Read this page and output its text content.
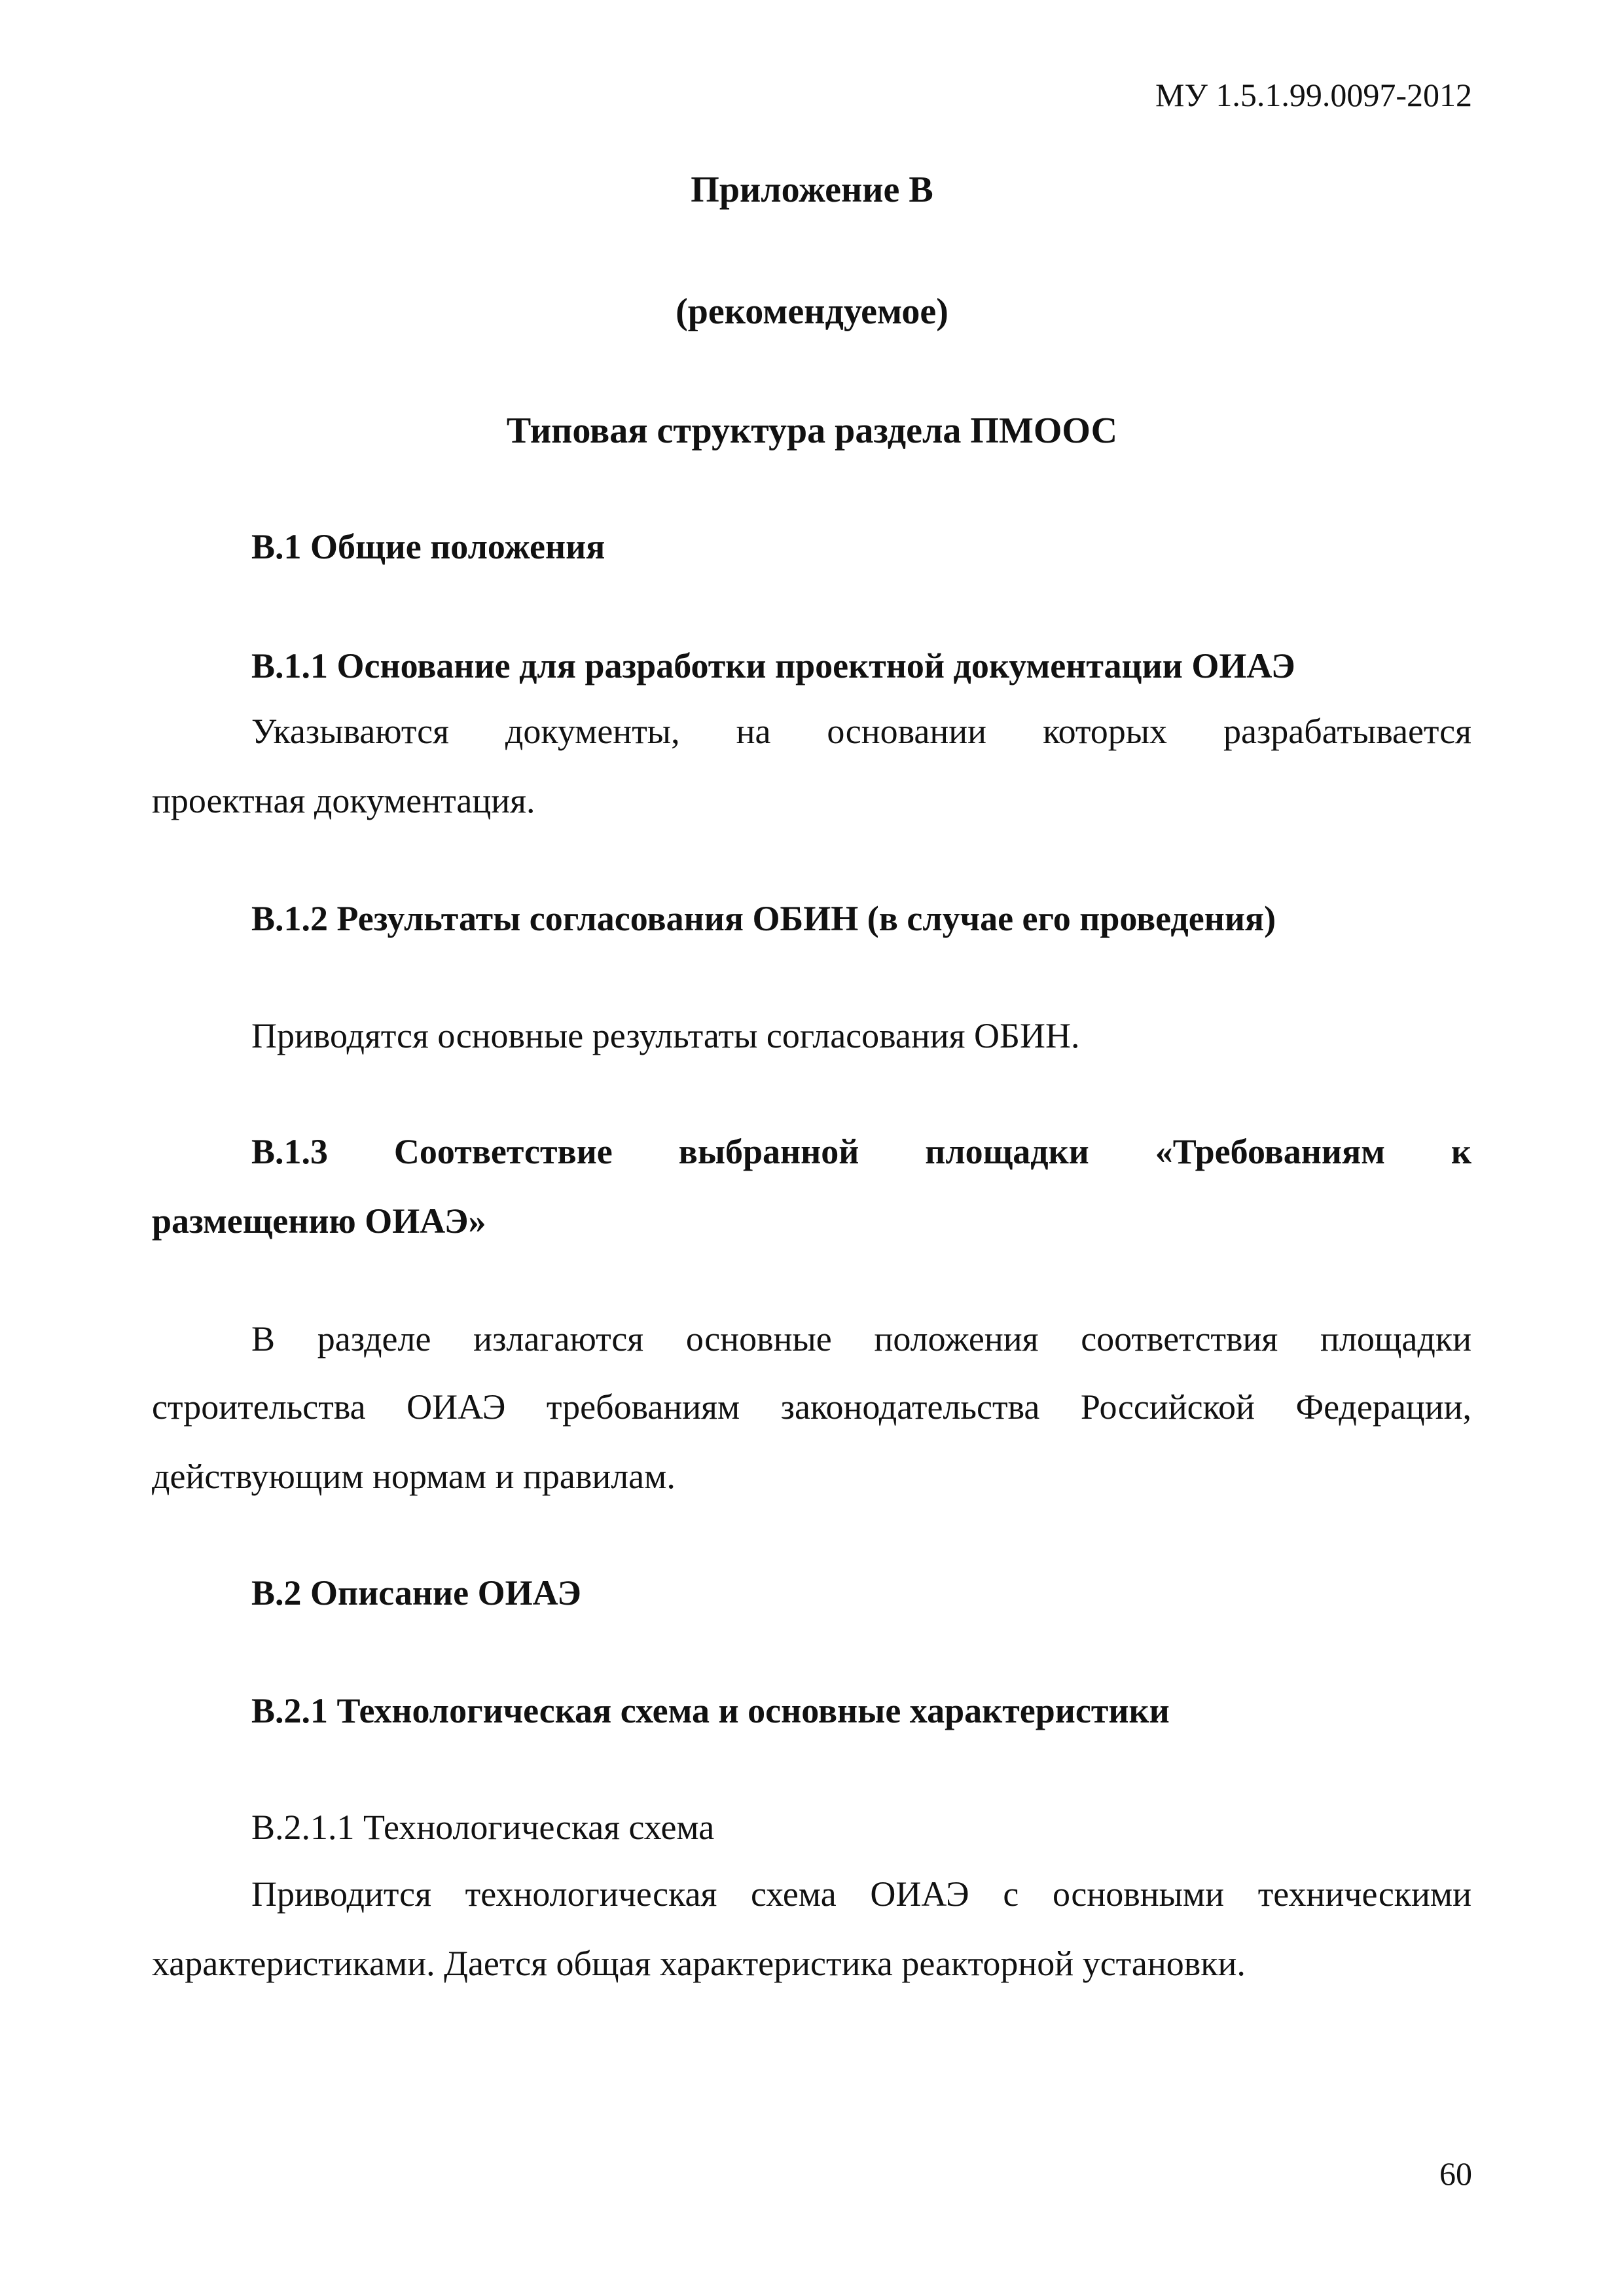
МУ 1.5.1.99.0097-2012
Приложение В
(рекомендуемое)
Типовая структура раздела ПМООС
В.1 Общие положения
В.1.1 Основание для разработки проектной документации ОИАЭ
Указываются документы, на основании которых разрабатывается
проектная документация.
В.1.2 Результаты согласования ОБИН (в случае его проведения)
Приводятся основные результаты согласования ОБИН.
В.1.3 Соответствие выбранной площадки «Требованиям к
размещению ОИАЭ»
В разделе излагаются основные положения соответствия площадки
строительства ОИАЭ требованиям законодательства Российской Федерации,
действующим нормам и правилам.
В.2 Описание ОИАЭ
В.2.1 Технологическая схема и основные характеристики
В.2.1.1 Технологическая схема
Приводится технологическая схема ОИАЭ с основными техническими
характеристиками. Дается общая характеристика реакторной установки.
60
